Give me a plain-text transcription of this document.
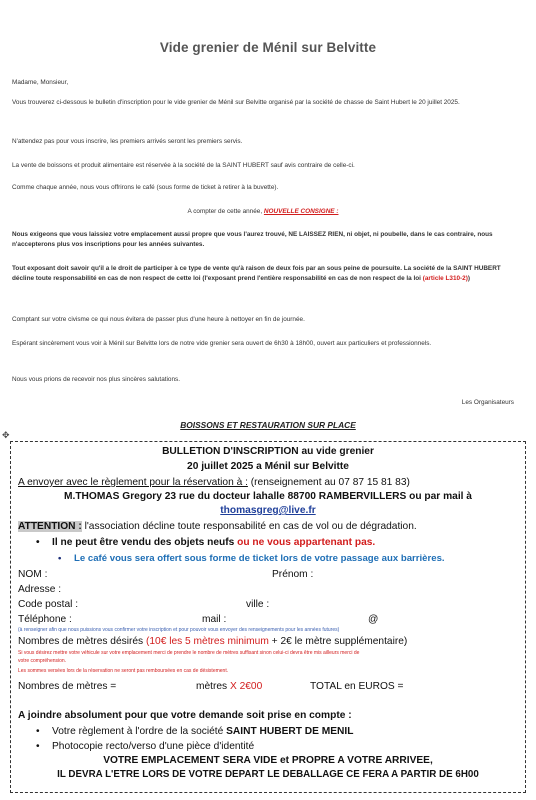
Vide grenier de Ménil sur Belvitte
Madame, Monsieur,
Vous trouverez ci-dessous le bulletin d'inscription pour le vide grenier de Ménil sur Belvitte organisé par la société de chasse de Saint Hubert le 20 juillet 2025.
N'attendez pas pour vous inscrire, les premiers arrivés seront les premiers servis.
La vente de boissons et produit alimentaire est réservée à la société de la SAINT HUBERT sauf avis contraire de celle-ci.
Comme chaque année, nous vous offrirons le café (sous forme de ticket à retirer à la buvette).
A compter de cette année, NOUVELLE CONSIGNE :
Nous exigeons que vous laissiez votre emplacement aussi propre que vous l'aurez trouvé, NE LAISSEZ RIEN, ni objet, ni poubelle, dans le cas contraire, nous n'accepterons plus vos inscriptions pour les années suivantes.
Tout exposant doit savoir qu'il a le droit de participer à ce type de vente qu'à raison de deux fois par an sous peine de poursuite. La société de la SAINT HUBERT décline toute responsabilité en cas de non respect de cette loi (l'exposant prend l'entière responsabilité en cas de non respect de la loi (article L310-2))
Comptant sur votre civisme ce qui nous évitera de passer plus d'une heure à nettoyer en fin de journée.
Espérant sincèrement vous voir à Ménil sur Belvitte lors de notre vide grenier sera ouvert de 6h30 à 18h00, ouvert aux particuliers et professionnels.
Nous vous prions de recevoir nos plus sincères salutations.
Les Organisateurs
BOISSONS ET RESTAURATION SUR PLACE
✥
BULLETION D'INSCRIPTION au vide grenier
20 juillet 2025 a Ménil sur Belvitte
A envoyer avec le règlement pour la réservation à : (renseignement au 07 87 15 81 83)
M.THOMAS Gregory 23 rue du docteur lahalle 88700 RAMBERVILLERS ou par mail à
thomasgreg@live.fr
ATTENTION : l'association décline toute responsabilité en cas de vol ou de dégradation.
• Il ne peut être vendu des objets neufs ou ne vous appartenant pas.
• Le café vous sera offert sous forme de ticket lors de votre passage aux barrières.
NOM :	Prénom :
Adresse :
Code postal :	ville :
Téléphone :	mail :	@
(à renseigner afin que nous puissions vous confirmer votre inscription et pour pouvoir vous envoyer des renseignements pour les années futures)
Nombres de mètres désirés (10€ les 5 mètres minimum + 2€ le mètre supplémentaire)
Si vous désirez mettre votre véhicule sur votre emplacement merci de prendre le nombre de mètres suffisant sinon celui-ci devra être mis ailleurs merci de
votre compréhension.
Les sommes versées lors de la réservation ne seront pas remboursées en cas de désistement.
Nombres de mètres =	mètres X 2€00	TOTAL en EUROS =
A joindre absolument pour que votre demande soit prise en compte :
• Votre règlement à l'ordre de la société SAINT HUBERT DE MENIL
• Photocopie recto/verso d'une pièce d'identité
VOTRE EMPLACEMENT SERA VIDE et PROPRE A VOTRE ARRIVEE,
IL DEVRA L'ETRE LORS DE VOTRE DEPART LE DEBALLAGE CE FERA A PARTIR DE 6H00
